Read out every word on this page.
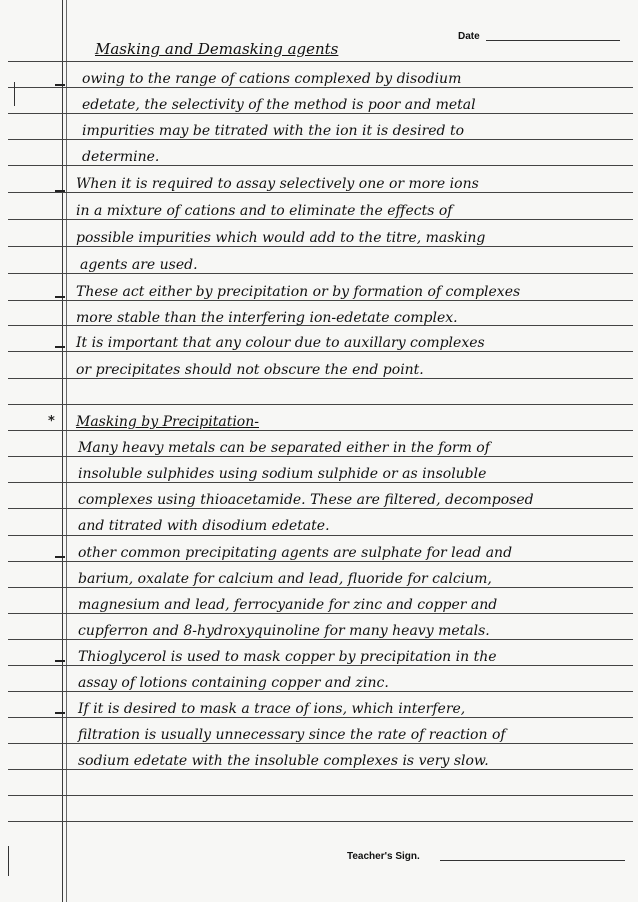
Date
Masking and Demasking agents
owing to the range of cations complexed by disodium
edetate, the selectivity of the method is poor and metal
impurities may be titrated with the ion it is desired to
determine.
When it is required to assay selectively one or more ions
in a mixture of cations and to eliminate the effects of
possible impurities which would add to the titre, masking
agents are used.
These act either by precipitation or by formation of complexes
more stable than the interfering ion-edetate complex.
It is important that any colour due to auxillary complexes
or precipitates should not obscure the end point.
Masking by Precipitation-
Many heavy metals can be separated either in the form of
insoluble sulphides using sodium sulphide or as insoluble
complexes using thioacetamide. These are filtered, decomposed
and titrated with disodium edetate.
other common precipitating agents are sulphate for lead and
barium, oxalate for calcium and lead, fluoride for calcium,
magnesium and lead, ferrocyanide for zinc and copper and
cupferron and 8-hydroxyquinoline for many heavy metals.
Thioglycerol is used to mask copper by precipitation in the
assay of lotions containing copper and zinc.
If it is desired to mask a trace of ions, which interfere,
filtration is usually unnecessary since the rate of reaction of
sodium edetate with the insoluble complexes is very slow.
*
Teacher's Sign.
